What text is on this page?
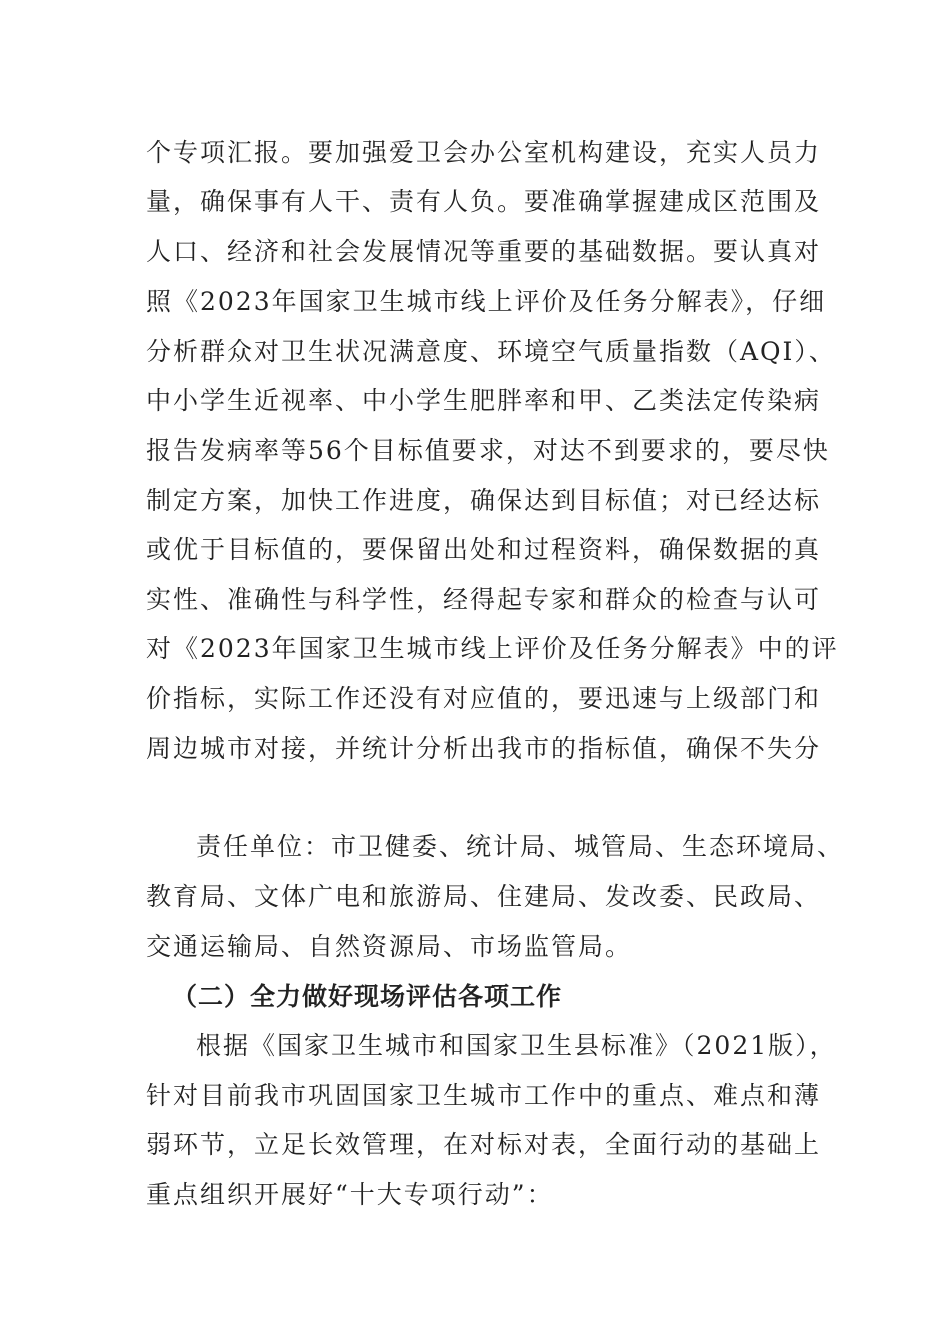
个专项汇报。要加强爱卫会办公室机构建设，充实人员力
量，确保事有人干、责有人负。要准确掌握建成区范围及
人口、经济和社会发展情况等重要的基础数据。要认真对
照《2023年国家卫生城市线上评价及任务分解表》，仔细
分析群众对卫生状况满意度、环境空气质量指数（AQI）、
中小学生近视率、中小学生肥胖率和甲、乙类法定传染病
报告发病率等56个目标值要求，对达不到要求的，要尽快
制定方案，加快工作进度，确保达到目标值；对已经达标
或优于目标值的，要保留出处和过程资料，确保数据的真
实性、准确性与科学性，经得起专家和群众的检查与认可
对《2023年国家卫生城市线上评价及任务分解表》中的评
价指标，实际工作还没有对应值的，要迅速与上级部门和
周边城市对接，并统计分析出我市的指标值，确保不失分
责任单位：市卫健委、统计局、城管局、生态环境局、
教育局、文体广电和旅游局、住建局、发改委、民政局、
交通运输局、自然资源局、市场监管局。
（二）全力做好现场评估各项工作
根据《国家卫生城市和国家卫生县标准》（2021版），
针对目前我市巩固国家卫生城市工作中的重点、难点和薄
弱环节，立足长效管理，在对标对表，全面行动的基础上
重点组织开展好“十大专项行动”：
